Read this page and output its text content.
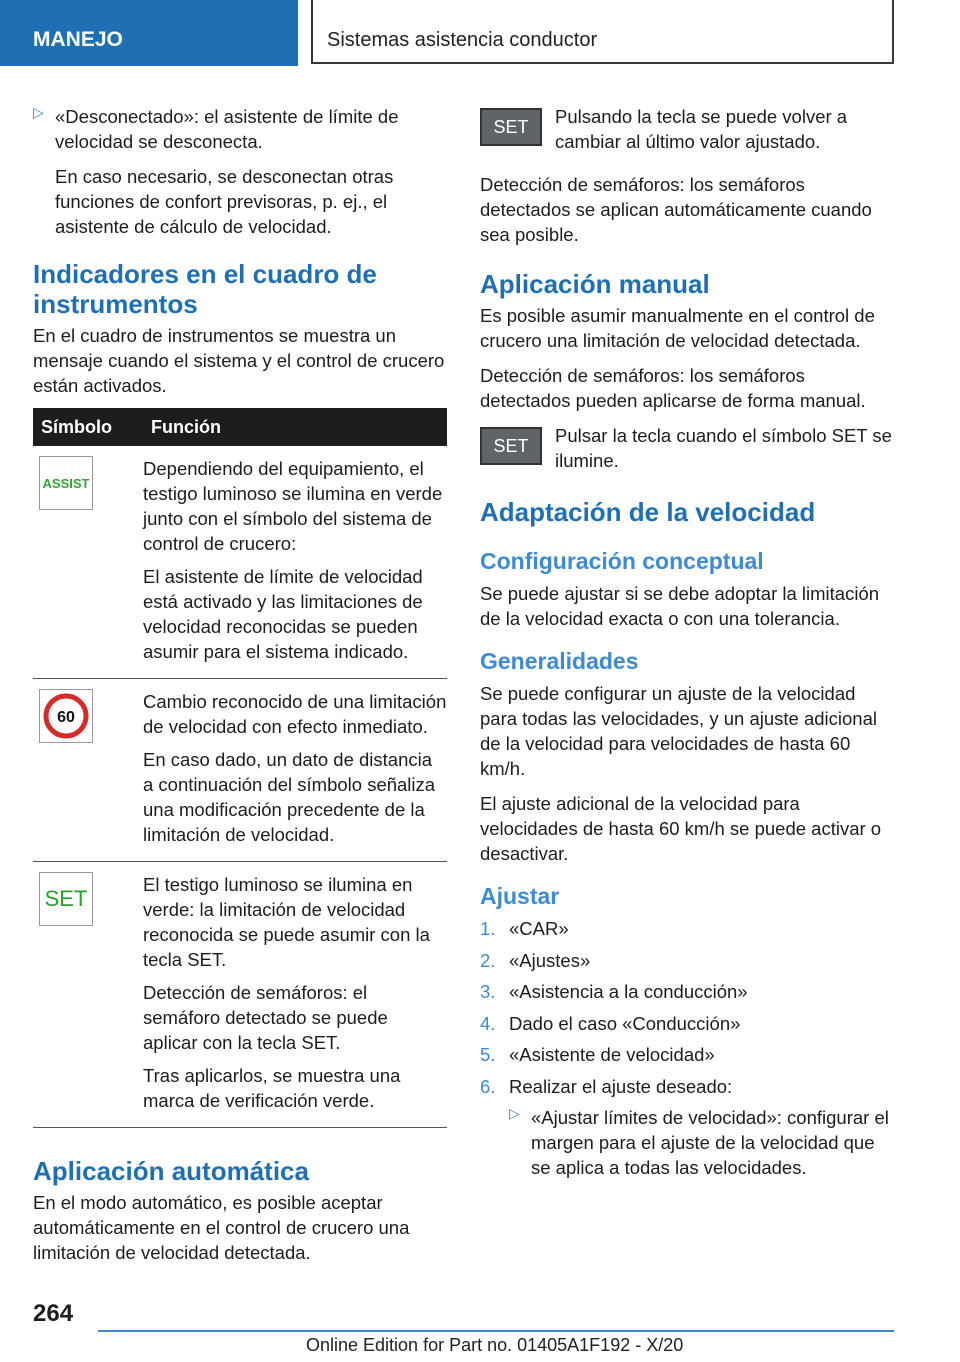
MANEJO	Sistemas asistencia conductor
▷ «Desconectado»: el asistente de límite de velocidad se desconecta.

En caso necesario, se desconectan otras funciones de confort previsoras, p. ej., el asistente de cálculo de velocidad.

Indicadores en el cuadro de instrumentos

En el cuadro de instrumentos se muestra un mensaje cuando el sistema y el control de crucero están activados.

Símbolo	Función

ASSIST	Dependiendo del equipamiento, el testigo luminoso se ilumina en verde junto con el símbolo del sistema de control de crucero:

El asistente de límite de velocidad está activado y las limitaciones de velocidad reconocidas se pueden asumir para el sistema indicado.

60	Cambio reconocido de una limitación de velocidad con efecto inmediato.

En caso dado, un dato de distancia a continuación del símbolo señaliza una modificación precedente de la limitación de velocidad.

SET	El testigo luminoso se ilumina en verde: la limitación de velocidad reconocida se puede asumir con la tecla SET.

Detección de semáforos: el semáforo detectado se puede aplicar con la tecla SET.

Tras aplicarlos, se muestra una marca de verificación verde.

Aplicación automática

En el modo automático, es posible aceptar automáticamente en el control de crucero una limitación de velocidad detectada.

SET	Pulsando la tecla se puede volver a cambiar al último valor ajustado.

Detección de semáforos: los semáforos detectados se aplican automáticamente cuando sea posible.

Aplicación manual

Es posible asumir manualmente en el control de crucero una limitación de velocidad detectada.

Detección de semáforos: los semáforos detectados pueden aplicarse de forma manual.

SET	Pulsar la tecla cuando el símbolo SET se ilumine.

Adaptación de la velocidad
Configuración conceptual

Se puede ajustar si se debe adoptar la limitación de la velocidad exacta o con una tolerancia.

Generalidades

Se puede configurar un ajuste de la velocidad para todas las velocidades, y un ajuste adicional de la velocidad para velocidades de hasta 60 km/h.

El ajuste adicional de la velocidad para velocidades de hasta 60 km/h se puede activar o desactivar.

Ajustar
1. «CAR»
2. «Ajustes»
3. «Asistencia a la conducción»
4. Dado el caso «Conducción»
5. «Asistente de velocidad»
6. Realizar el ajuste deseado:
▷ «Ajustar límites de velocidad»: configurar el margen para el ajuste de la velocidad que se aplica a todas las velocidades.

264
Online Edition for Part no. 01405A1F192 - X/20
